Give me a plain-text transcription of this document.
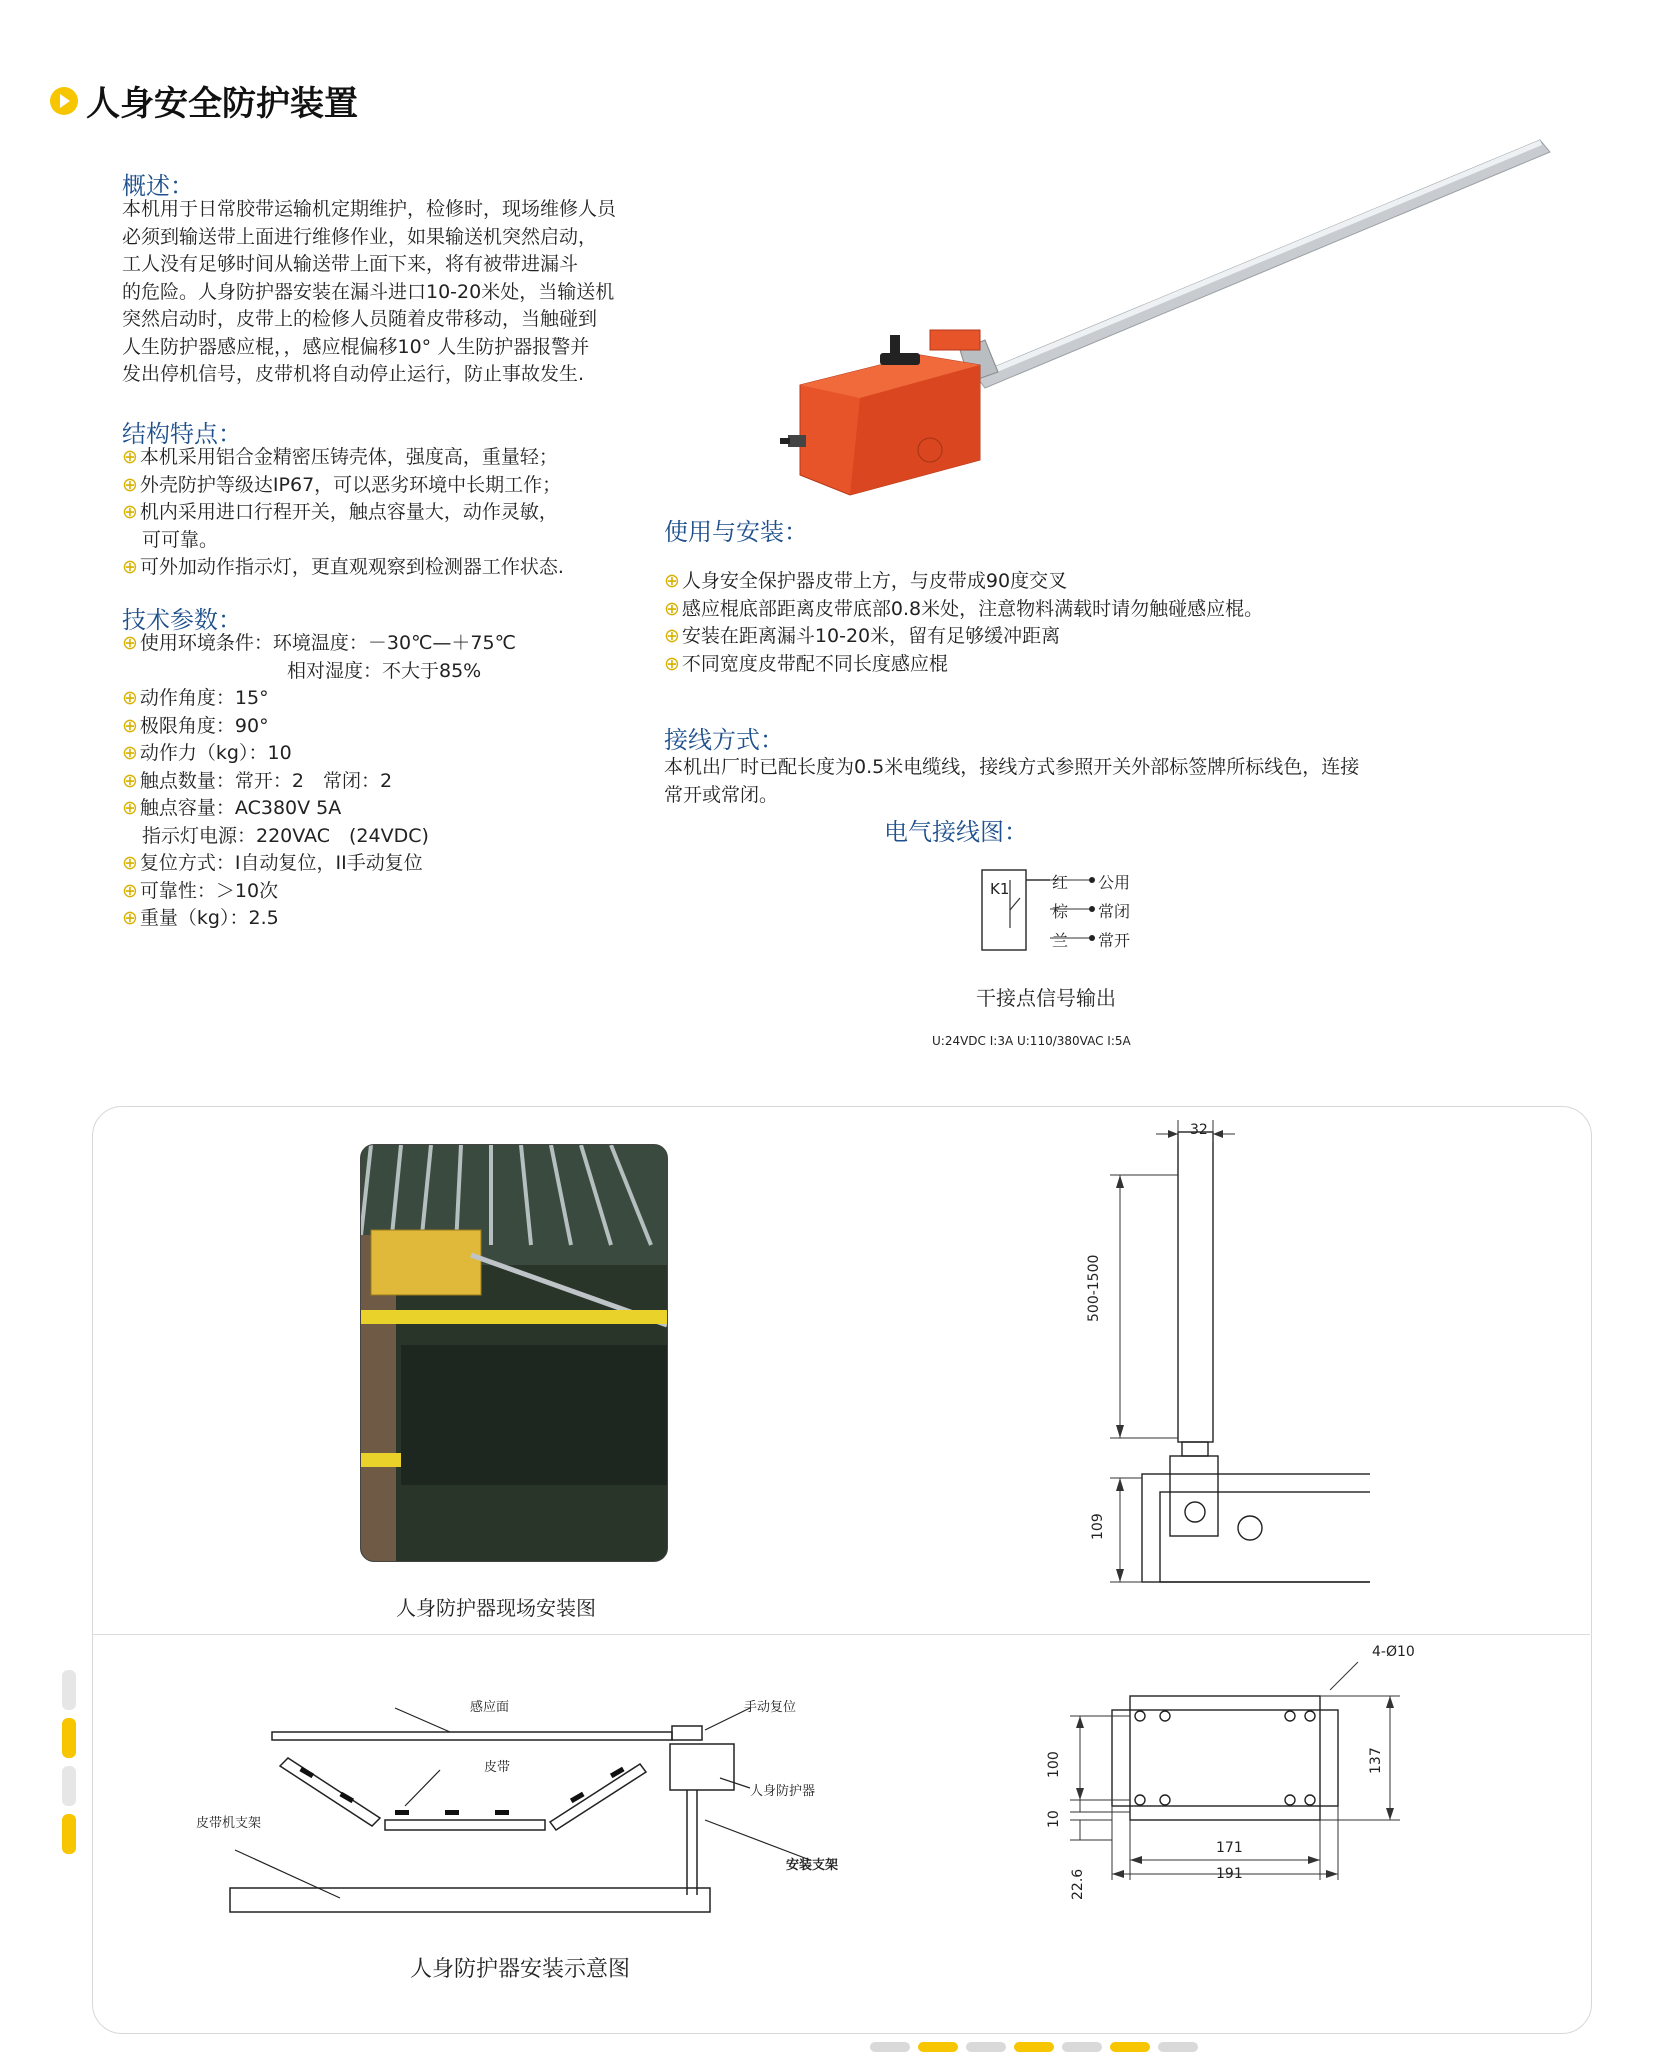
人身安全防护装置
概述：
本机用于日常胶带运输机定期维护，检修时，现场维修人员
必须到输送带上面进行维修作业，如果输送机突然启动，
工人没有足够时间从输送带上面下来，将有被带进漏斗
的危险。人身防护器安装在漏斗进口10-20米处，当输送机
突然启动时，皮带上的检修人员随着皮带移动，当触碰到
人生防护器感应棍，，感应棍偏移10° 人生防护器报警并
发出停机信号，皮带机将自动停止运行，防止事故发生.
结构特点：
⊕ 本机采用铝合金精密压铸壳体，强度高，重量轻；
⊕ 外壳防护等级达IP67，可以恶劣环境中长期工作；
⊕ 机内采用进口行程开关，触点容量大，动作灵敏，
可可靠。
⊕ 可外加动作指示灯，更直观观察到检测器工作状态.
技术参数：
⊕ 使用环境条件：环境温度：－30℃—＋75℃
相对湿度：不大于85%
⊕ 动作角度：15°
⊕ 极限角度：90°
⊕ 动作力（kg）：10
⊕ 触点数量：常开：2　常闭：2
⊕ 触点容量：AC380V 5A
指示灯电源：220VAC　(24VDC)
⊕ 复位方式：I自动复位，II手动复位
⊕ 可靠性：＞10次
⊕ 重量（kg）：2.5
使用与安装：
⊕ 人身安全保护器皮带上方，与皮带成90度交叉
⊕ 感应棍底部距离皮带底部0.8米处，注意物料满载时请勿触碰感应棍。
⊕ 安装在距离漏斗10-20米，留有足够缓冲距离
⊕ 不同宽度皮带配不同长度感应棍
接线方式：
本机出厂时已配长度为0.5米电缆线，接线方式参照开关外部标签牌所标线色，连接
常开或常闭。
电气接线图：
K1	红
棕
兰
公用
常闭
常开
干接点信号输出
U:24VDC I:3A U:110/380VAC I:5A
人身防护器现场安装图
32
500-1500
109
感应面	手动复位
皮带
人身防护器
皮带机支架
安装支架
人身防护器安装示意图
4-Ø10
100
10
137
171
191
22.6
